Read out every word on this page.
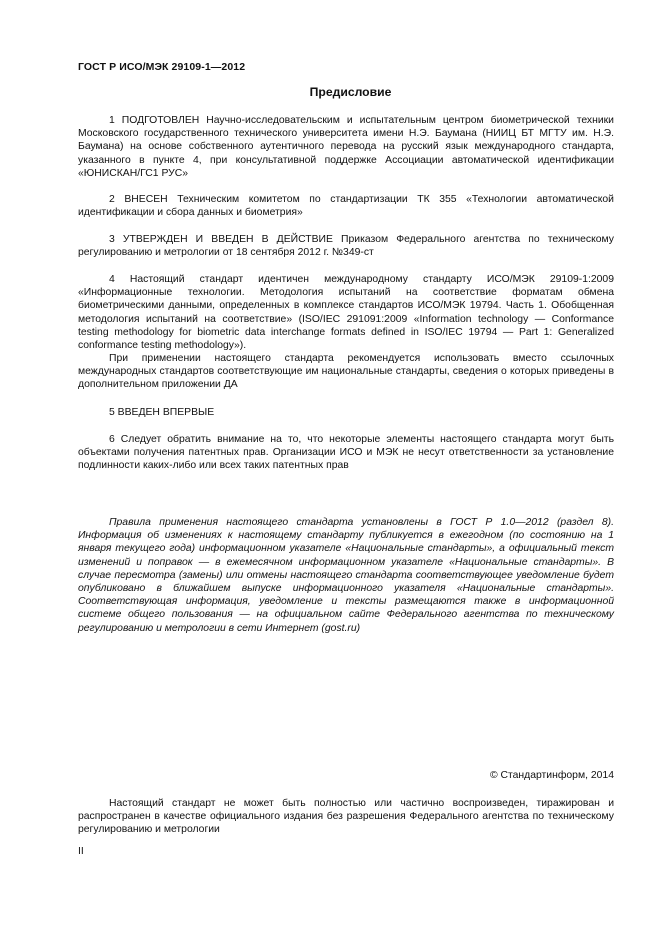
ГОСТ Р ИСО/МЭК 29109-1—2012
Предисловие

1 ПОДГОТОВЛЕН Научно-исследовательским и испытательным центром биометрической техники Московского государственного технического университета имени Н.Э. Баумана (НИИЦ БТ МГТУ им. Н.Э. Баумана) на основе собственного аутентичного перевода на русский язык международного стандарта, указанного в пункте 4, при консультативной поддержке Ассоциации автоматической идентификации «ЮНИСКАН/ГС1 РУС»

2 ВНЕСЕН Техническим комитетом по стандартизации ТК 355 «Технологии автоматической идентификации и сбора данных и биометрия»

3 УТВЕРЖДЕН И ВВЕДЕН В ДЕЙСТВИЕ Приказом Федерального агентства по техническому регулированию и метрологии от 18 сентября 2012 г. №349-ст

4 Настоящий стандарт идентичен международному стандарту ИСО/МЭК 29109-1:2009 «Информационные технологии. Методология испытаний на соответствие форматам обмена биометрическими данными, определенных в комплексе стандартов ИСО/МЭК 19794. Часть 1. Обобщенная методология испытаний на соответствие» (ISO/IEC 291091:2009 «Information technology — Conformance testing methodology for biometric data interchange formats defined in ISO/IEC 19794 — Part 1: Generalized conformance testing methodology»).

При применении настоящего стандарта рекомендуется использовать вместо ссылочных международных стандартов соответствующие им национальные стандарты, сведения о которых приведены в дополнительном приложении ДА

5 ВВЕДЕН ВПЕРВЫЕ

6 Следует обратить внимание на то, что некоторые элементы настоящего стандарта могут быть объектами получения патентных прав. Организации ИСО и МЭК не несут ответственности за установление подлинности каких-либо или всех таких патентных прав

Правила применения настоящего стандарта установлены в ГОСТ Р 1.0—2012 (раздел 8). Информация об изменениях к настоящему стандарту публикуется в ежегодном (по состоянию на 1 января текущего года) информационном указателе «Национальные стандарты», а официальный текст изменений и поправок — в ежемесячном информационном указателе «Национальные стандарты». В случае пересмотра (замены) или отмены настоящего стандарта соответствующее уведомление будет опубликовано в ближайшем выпуске информационного указателя «Национальные стандарты». Соответствующая информация, уведомление и тексты размещаются также в информационной системе общего пользования — на официальном сайте Федерального агентства по техническому регулированию и метрологии в сети Интернет (gost.ru)

© Стандартинформ, 2014

Настоящий стандарт не может быть полностью или частично воспроизведен, тиражирован и распространен в качестве официального издания без разрешения Федерального агентства по техническому регулированию и метрологии

II
